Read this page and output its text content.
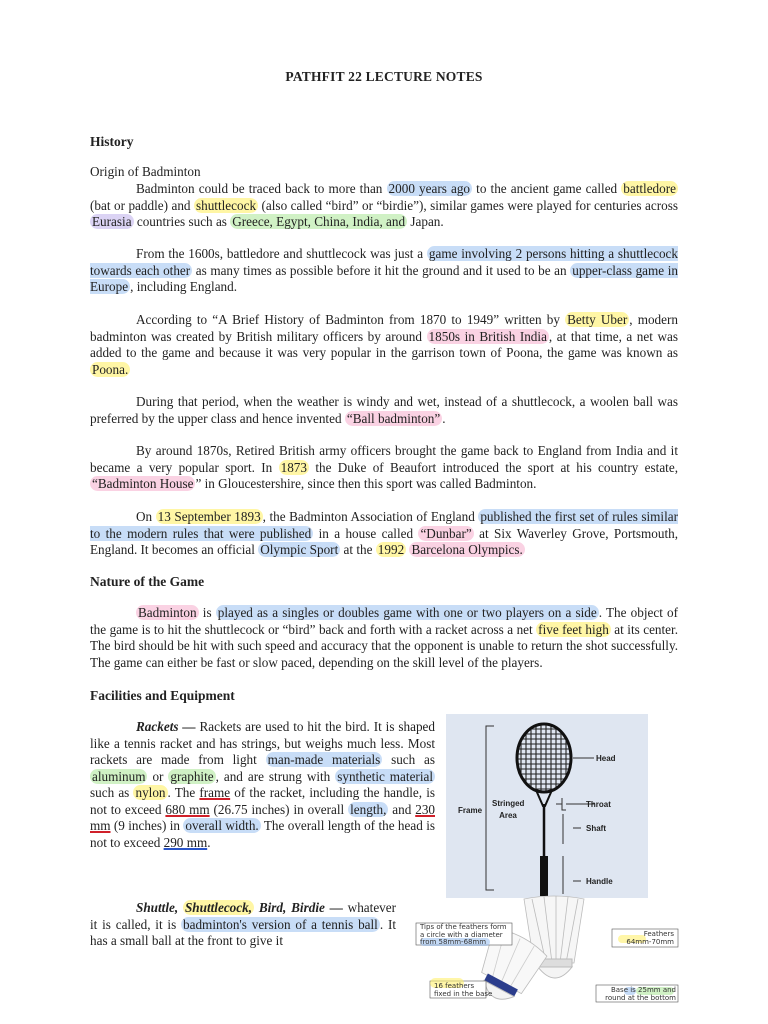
PATHFIT 22 LECTURE NOTES
History
Origin of Badminton

Badminton could be traced back to more than 2000 years ago to the ancient game called battledore (bat or paddle) and shuttlecock (also called “bird” or “birdie”), similar games were played for centuries across Eurasia countries such as Greece, Egypt, China, India, and Japan.

From the 1600s, battledore and shuttlecock was just a game involving 2 persons hitting a shuttlecock towards each other as many times as possible before it hit the ground and it used to be an upper-class game in Europe , including England.

According to “A Brief History of Badminton from 1870 to 1949” written by Betty Uber , modern badminton was created by British military officers by around 1850s in British India , at that time, a net was added to the game and because it was very popular in the garrison town of Poona, the game was known as Poona.

During that period, when the weather is windy and wet, instead of a shuttlecock, a woolen ball was preferred by the upper class and hence invented “Ball badminton” .

By around 1870s, Retired British army officers brought the game back to England from India and it became a very popular sport. In 1873 the Duke of Beaufort introduced the sport at his country estate, “Badminton House ” in Gloucestershire, since then this sport was called Badminton.

On 13 September 1893 , the Badminton Association of England published the first set of rules similar to the modern rules that were published in a house called “Dunbar” at Six Waverley Grove, Portsmouth, England. It becomes an official Olympic Sport at the 1992 Barcelona Olympics.

Nature of the Game

Badminton is played as a singles or doubles game with one or two players on a side . The object of the game is to hit the shuttlecock or “bird” back and forth with a racket across a net five feet high at its center. The bird should be hit with such speed and accuracy that the opponent is unable to return the shot successfully. The game can either be fast or slow paced, depending on the skill level of the players.

Facilities and Equipment

Rackets — Rackets are used to hit the bird. It is shaped like a tennis racket and has strings, but weighs much less. Most rackets are made from light man-made materials such as aluminum or graphite , and are strung with synthetic material such as nylon . The frame of the racket, including the handle, is not to exceed 680 mm (26.75 inches) in overall length, and 230 mm (9 inches) in overall width. The overall length of the head is not to exceed 290 mm.

Shuttle, Shuttlecock, Bird, Birdie — whatever it is called, it is badminton's version of a tennis ball . It has a small ball at the front to give it

Head
Frame
Stringed
Area
Throat
Shaft
Handle
Tips of the feathers form
a circle with a diameter
from 58mm-68mm
Feathers
64mm-70mm
16 feathers
fixed in the base	Base is 25mm and
round at the bottom
